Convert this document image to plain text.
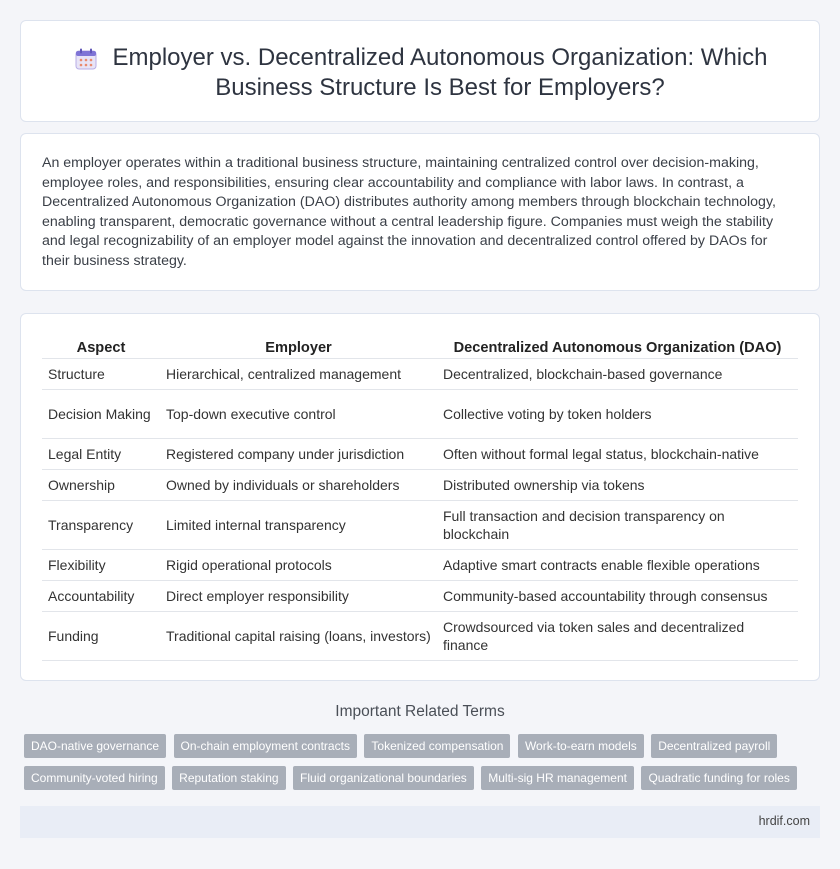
Employer vs. Decentralized Autonomous Organization: Which Business Structure Is Best for Employers?

An employer operates within a traditional business structure, maintaining centralized control over decision-making, employee roles, and responsibilities, ensuring clear accountability and compliance with labor laws. In contrast, a Decentralized Autonomous Organization (DAO) distributes authority among members through blockchain technology, enabling transparent, democratic governance without a central leadership figure. Companies must weigh the stability and legal recognizability of an employer model against the innovation and decentralized control offered by DAOs for their business strategy.

Aspect	Employer	Decentralized Autonomous Organization (DAO)
Structure	Hierarchical, centralized management	Decentralized, blockchain-based governance
Decision Making	Top-down executive control	Collective voting by token holders
Legal Entity	Registered company under jurisdiction	Often without formal legal status, blockchain-native
Ownership	Owned by individuals or shareholders	Distributed ownership via tokens
Transparency	Limited internal transparency	Full transaction and decision transparency on blockchain
Flexibility	Rigid operational protocols	Adaptive smart contracts enable flexible operations
Accountability	Direct employer responsibility	Community-based accountability through consensus
Funding	Traditional capital raising (loans, investors)	Crowdsourced via token sales and decentralized finance
Important Related Terms
DAO-native governance On-chain employment contracts Tokenized compensation Work-to-earn models Decentralized payroll Community-voted hiring Reputation staking Fluid organizational boundaries Multi-sig HR management Quadratic funding for roles
hrdif.com
